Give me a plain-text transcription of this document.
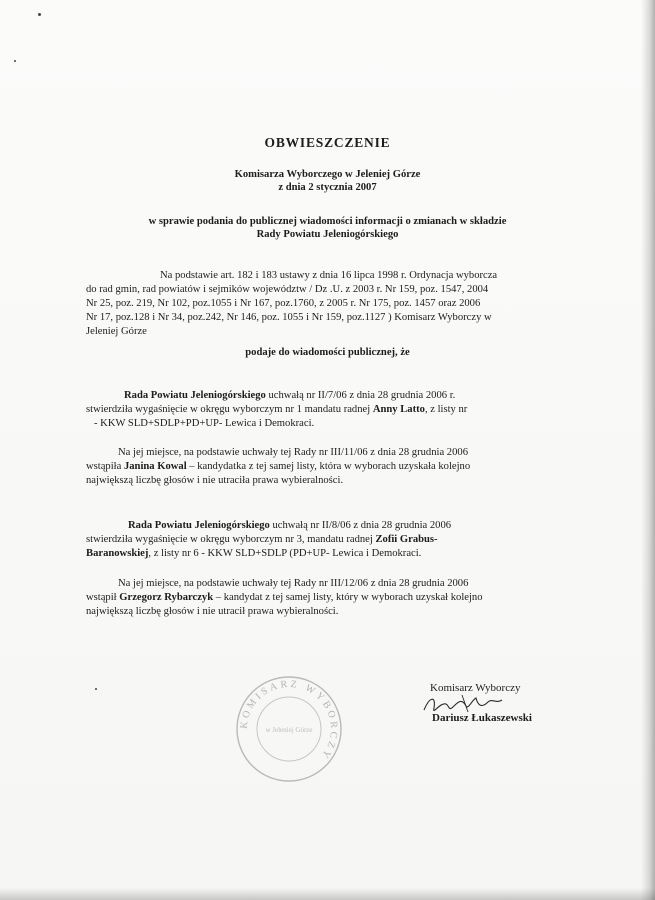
OBWIESZCZENIE
Komisarza Wyborczego w Jeleniej Górze
z dnia 2 stycznia 2007
w sprawie podania do publicznej wiadomości informacji o zmianach w składzie
Rady Powiatu Jeleniogórskiego
Na podstawie art. 182 i 183 ustawy z dnia 16 lipca 1998 r. Ordynacja wyborcza
do rad gmin, rad powiatów i sejmików województw / Dz .U. z 2003 r. Nr 159, poz. 1547, 2004
Nr 25, poz. 219, Nr 102, poz.1055 i Nr 167, poz.1760, z 2005 r. Nr 175, poz. 1457 oraz 2006
Nr 17, poz.128 i Nr 34, poz.242, Nr 146, poz. 1055 i Nr 159, poz.1127 ) Komisarz Wyborczy w
Jeleniej Górze
podaje do wiadomości publicznej, że
Rada Powiatu Jeleniogórskiego uchwałą nr II/7/06 z dnia 28 grudnia 2006 r.
stwierdziła wygaśnięcie w okręgu wyborczym nr 1 mandatu radnej Anny Latto, z listy nr
- KKW SLD+SDLP+PD+UP- Lewica i Demokraci.
Na jej miejsce, na podstawie uchwały tej Rady nr III/11/06 z dnia 28 grudnia 2006
wstąpiła Janina Kowal – kandydatka z tej samej listy, która w wyborach uzyskała kolejno
największą liczbę głosów i nie utraciła prawa wybieralności.
Rada Powiatu Jeleniogórskiego uchwałą nr II/8/06 z dnia 28 grudnia 2006
stwierdziła wygaśnięcie w okręgu wyborczym nr 3, mandatu radnej Zofii Grabus-
Baranowskiej, z listy nr 6 - KKW SLD+SDLP (PD+UP- Lewica i Demokraci.
Na jej miejsce, na podstawie uchwały tej Rady nr III/12/06 z dnia 28 grudnia 2006
wstąpił Grzegorz Rybarczyk – kandydat z tej samej listy, który w wyborach uzyskał kolejno
największą liczbę głosów i nie utracił prawa wybieralności.
KOMISARZ WYBORCZY
w Jeleniej Górze
Komisarz Wyborczy
Dariusz Łukaszewski
